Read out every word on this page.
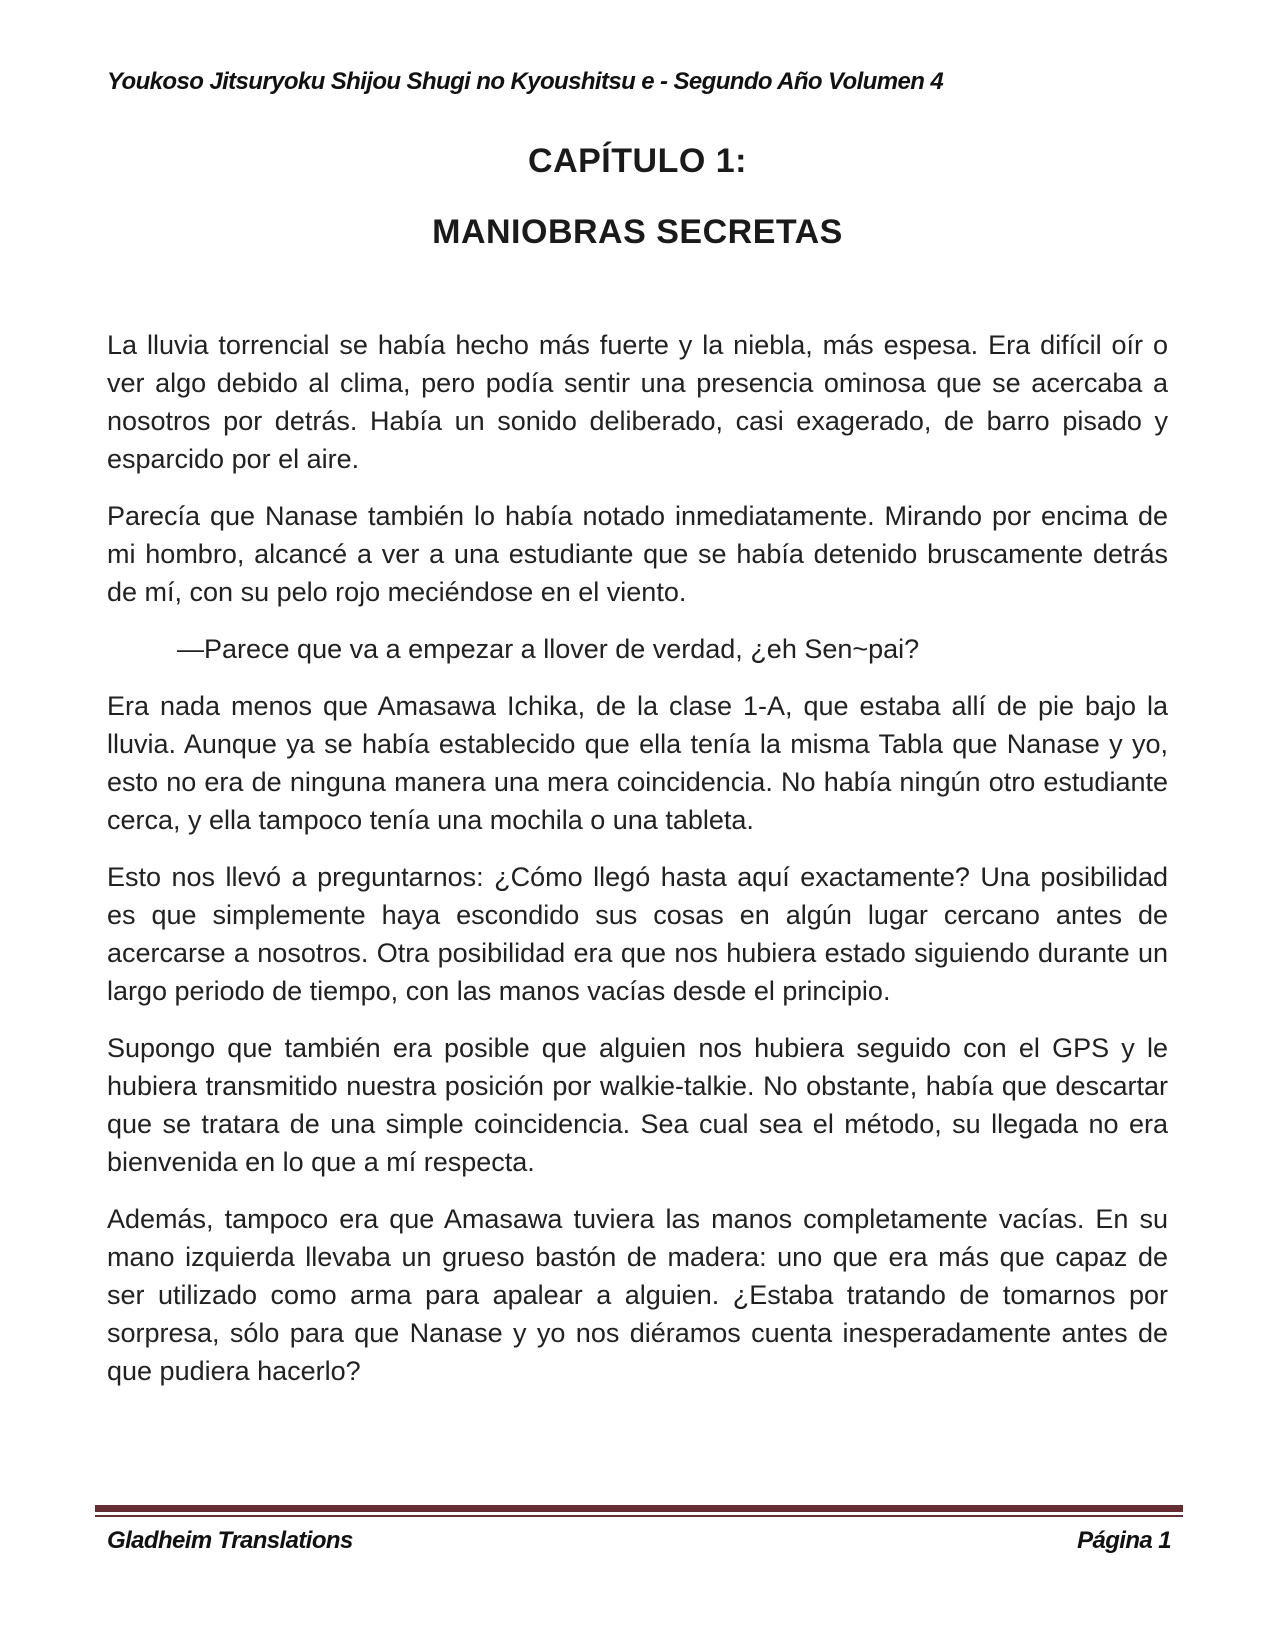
Youkoso Jitsuryoku Shijou Shugi no Kyoushitsu e - Segundo Año Volumen 4
CAPÍTULO 1:
MANIOBRAS SECRETAS

La lluvia torrencial se había hecho más fuerte y la niebla, más espesa. Era difícil oír o ver algo debido al clima, pero podía sentir una presencia ominosa que se acercaba a nosotros por detrás. Había un sonido deliberado, casi exagerado, de barro pisado y esparcido por el aire.

Parecía que Nanase también lo había notado inmediatamente. Mirando por encima de mi hombro, alcancé a ver a una estudiante que se había detenido bruscamente detrás de mí, con su pelo rojo meciéndose en el viento.

—Parece que va a empezar a llover de verdad, ¿eh Sen~pai?

Era nada menos que Amasawa Ichika, de la clase 1-A, que estaba allí de pie bajo la lluvia. Aunque ya se había establecido que ella tenía la misma Tabla que Nanase y yo, esto no era de ninguna manera una mera coincidencia. No había ningún otro estudiante cerca, y ella tampoco tenía una mochila o una tableta.

Esto nos llevó a preguntarnos: ¿Cómo llegó hasta aquí exactamente? Una posibilidad es que simplemente haya escondido sus cosas en algún lugar cercano antes de acercarse a nosotros. Otra posibilidad era que nos hubiera estado siguiendo durante un largo periodo de tiempo, con las manos vacías desde el principio.

Supongo que también era posible que alguien nos hubiera seguido con el GPS y le hubiera transmitido nuestra posición por walkie-talkie. No obstante, había que descartar que se tratara de una simple coincidencia. Sea cual sea el método, su llegada no era bienvenida en lo que a mí respecta.

Además, tampoco era que Amasawa tuviera las manos completamente vacías. En su mano izquierda llevaba un grueso bastón de madera: uno que era más que capaz de ser utilizado como arma para apalear a alguien. ¿Estaba tratando de tomarnos por sorpresa, sólo para que Nanase y yo nos diéramos cuenta inesperadamente antes de que pudiera hacerlo?

Gladheim Translations	Página 1
